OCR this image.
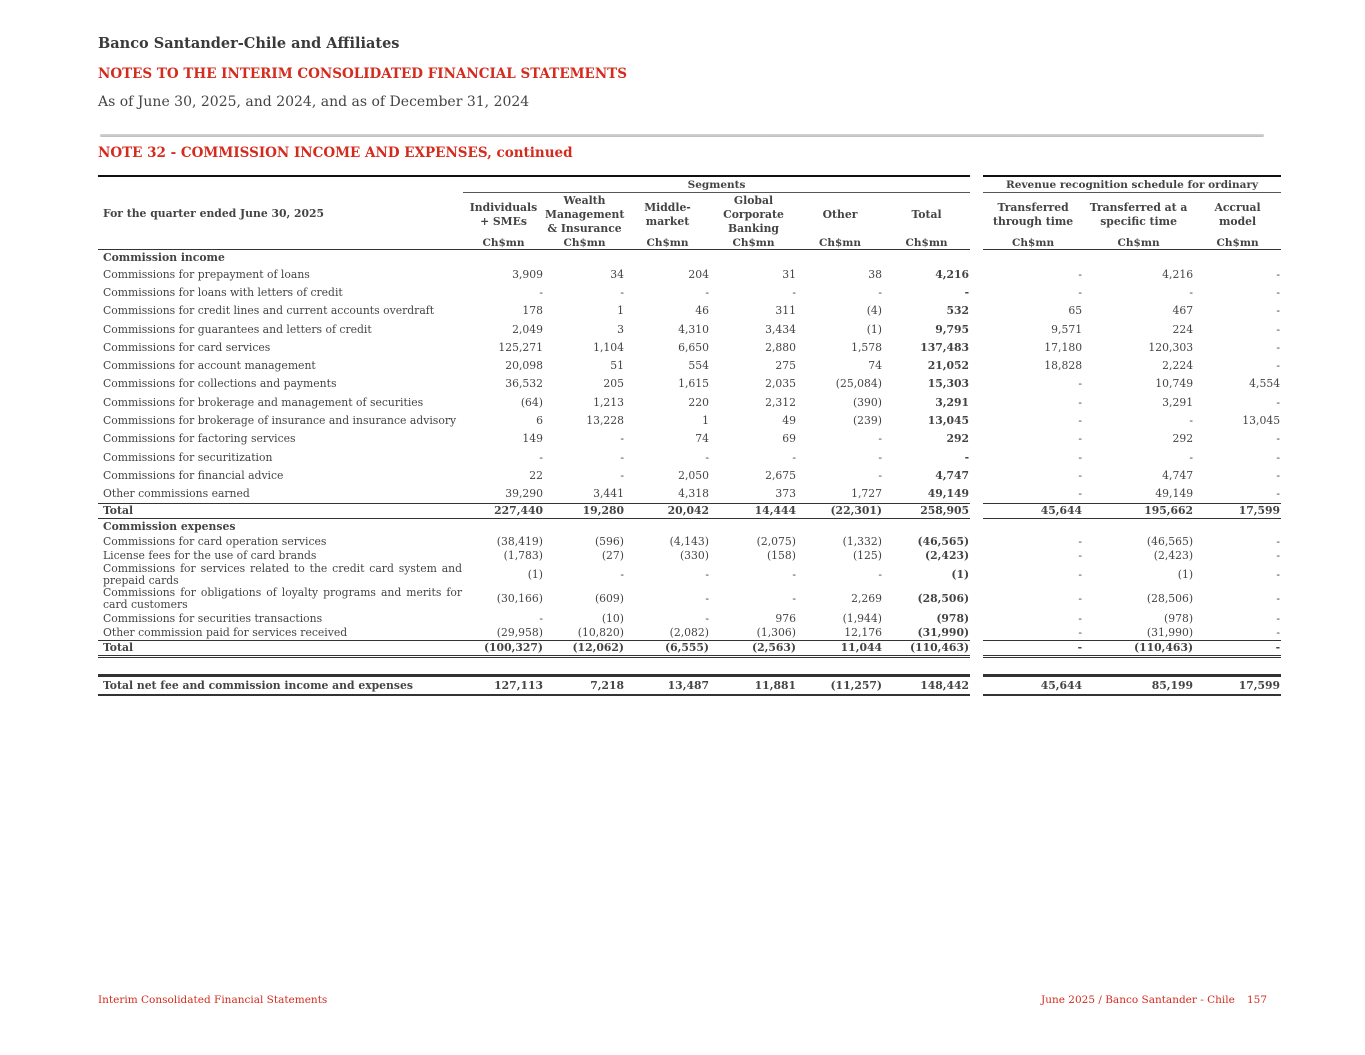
Banco Santander-Chile and Affiliates
NOTES TO THE INTERIM CONSOLIDATED FINANCIAL STATEMENTS
As of June 30, 2025, and 2024, and as of December 31, 2024
NOTE 32 - COMMISSION INCOME AND EXPENSES, continued
	Segments							Revenue recognition schedule for ordinary		
For the quarter ended June 30, 2025	Individuals + SMEs	Wealth Management & Insurance	Middle-market	Global Corporate Banking	Other	Total		Transferred through time	Transferred at a specific time	Accrual model
	Ch$mn	Ch$mn	Ch$mn	Ch$mn	Ch$mn	Ch$mn		Ch$mn	Ch$mn	Ch$mn
Commission income										
Commissions for prepayment of loans	3,909	34	204	31	38	4,216		-	4,216	-
Commissions for loans with letters of credit	-	-	-	-	-	-		-	-	-
Commissions for credit lines and current accounts overdraft	178	1	46	311	(4)	532		65	467	-
Commissions for guarantees and letters of credit	2,049	3	4,310	3,434	(1)	9,795		9,571	224	-
Commissions for card services	125,271	1,104	6,650	2,880	1,578	137,483		17,180	120,303	-
Commissions for account management	20,098	51	554	275	74	21,052		18,828	2,224	-
Commissions for collections and payments	36,532	205	1,615	2,035	(25,084)	15,303		-	10,749	4,554
Commissions for brokerage and management of securities	(64)	1,213	220	2,312	(390)	3,291		-	3,291	-
Commissions for brokerage of insurance and insurance advisory	6	13,228	1	49	(239)	13,045		-	-	13,045
Commissions for factoring services	149	-	74	69	-	292		-	292	-
Commissions for securitization	-	-	-	-	-	-		-	-	-
Commissions for financial advice	22	-	2,050	2,675	-	4,747		-	4,747	-
Other commissions earned	39,290	3,441	4,318	373	1,727	49,149		-	49,149	-
Total	227,440	19,280	20,042	14,444	(22,301)	258,905		45,644	195,662	17,599
Commission expenses										
Commissions for card operation services	(38,419)	(596)	(4,143)	(2,075)	(1,332)	(46,565)		-	(46,565)	-
License fees for the use of card brands	(1,783)	(27)	(330)	(158)	(125)	(2,423)		-	(2,423)	-
Commissions for services related to the credit card system and prepaid cards	(1)	-	-	-	-	(1)		-	(1)	-
Commissions for obligations of loyalty programs and merits for card customers	(30,166)	(609)	-	-	2,269	(28,506)		-	(28,506)	-
Commissions for securities transactions	-	(10)	-	976	(1,944)	(978)		-	(978)	-
Other commission paid for services received	(29,958)	(10,820)	(2,082)	(1,306)	12,176	(31,990)		-	(31,990)	-
Total	(100,327)	(12,062)	(6,555)	(2,563)	11,044	(110,463)		-	(110,463)	-

Total net fee and commission income and expenses	127,113	7,218	13,487	11,881	(11,257)	148,442		45,644	85,199	17,599
Interim Consolidated Financial Statements	June 2025 / Banco Santander - Chile 157
